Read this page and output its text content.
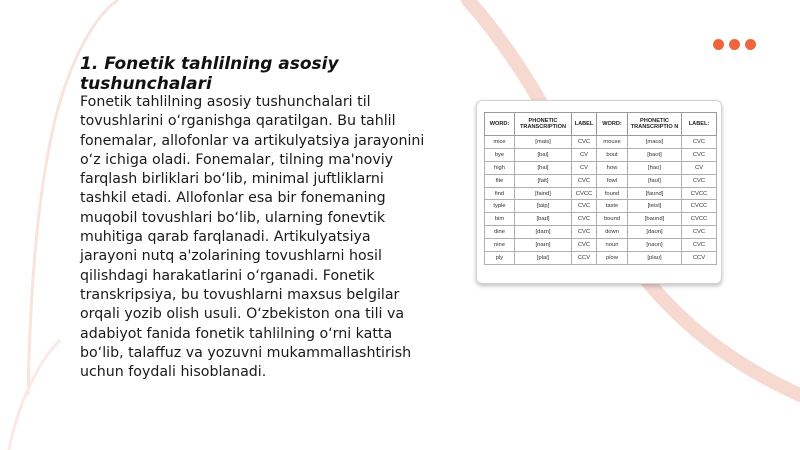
1. Fonetik tahlilning asosiy tushunchalari

Fonetik tahlilning asosiy tushunchalari til tovushlarini o‘rganishga qaratilgan. Bu tahlil fonemalar, allofonlar va artikulyatsiya jarayonini o‘z ichiga oladi. Fonemalar, tilning ma'noviy farqlash birliklari bo‘lib, minimal juftliklarni tashkil etadi. Allofonlar esa bir fonemaning muqobil tovushlari bo‘lib, ularning fonevtik muhitiga qarab farqlanadi. Artikulyatsiya jarayoni nutq a'zolarining tovushlarni hosil qilishdagi harakatlarini o‘rganadi. Fonetik transkripsiya, bu tovushlarni maxsus belgilar orqali yozib olish usuli. O‘zbekiston ona tili va adabiyot fanida fonetik tahlilning o‘rni katta bo‘lib, talaffuz va yozuvni mukammallashtirish uchun foydali hisoblanadi.

WORD:	PHONETIC TRANSCRIPTION	LABEL	WORD:	PHONETIC TRANSCRIPTIO N	LABEL:
mice	[mais]	CVC	mouse	[maʊs]	CVC
bye	[bai]	CV	bout	[baʊt]	CVC
high	[hai]	CV	how	[haʊ]	CV
fite	[fait]	CVC	fowl	[faʊl]	CVC
find	[faind]	CVCC	found	[faʊnd]	CVCC
typle	[taip]	CVC	taste	[teist]	CVCC
bim	[baɪl]	CVC	bound	[baʊnd]	CVCC
dine	[daɪn]	CVC	down	[daʊn]	CVC
nine	[naɪn]	CVC	noun	[naʊn]	CVC
ply	[plai]	CCV	plow	[plaʊ]	CCV
